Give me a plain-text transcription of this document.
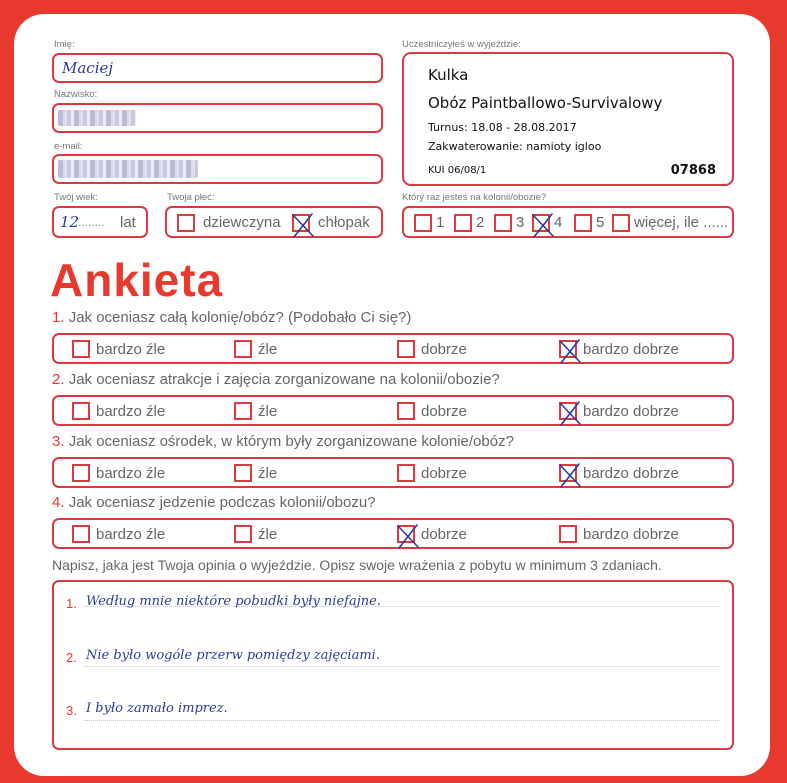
Imię:
Maciej
Nazwisko:
e-mail:
Uczestniczyłeś w wyjeździe:
Kulka
Obóz Paintballowo-Survivalowy
Turnus: 18.08 - 28.08.2017
Zakwaterowanie: namioty igloo
KUI 06/08/1	07868
Twój wiek:
12
........ lat
Twoja płeć:
dziewczyna chłopak
Który raz jesteś na kolonii/obozie?
1 2 3 4 5 więcej, ile ......
Ankieta
1. Jak oceniasz całą kolonię/obóz? (Podobało Ci się?)
bardzo źle	źle	dobrze	bardzo dobrze
2. Jak oceniasz atrakcje i zajęcia zorganizowane na kolonii/obozie?
bardzo źle	źle	dobrze	bardzo dobrze
3. Jak oceniasz ośrodek, w którym były zorganizowane kolonie/obóz?
bardzo źle	źle	dobrze	bardzo dobrze
4. Jak oceniasz jedzenie podczas kolonii/obozu?
bardzo źle	źle	dobrze	bardzo dobrze
Napisz, jaka jest Twoja opinia o wyjeździe. Opisz swoje wrażenia z pobytu w minimum 3 zdaniach.
1.
2.
3.
Według mnie niektóre pobudki były niefajne.
Nie było wogóle przerw pomiędzy zajęciami.
I było zamało imprez.
